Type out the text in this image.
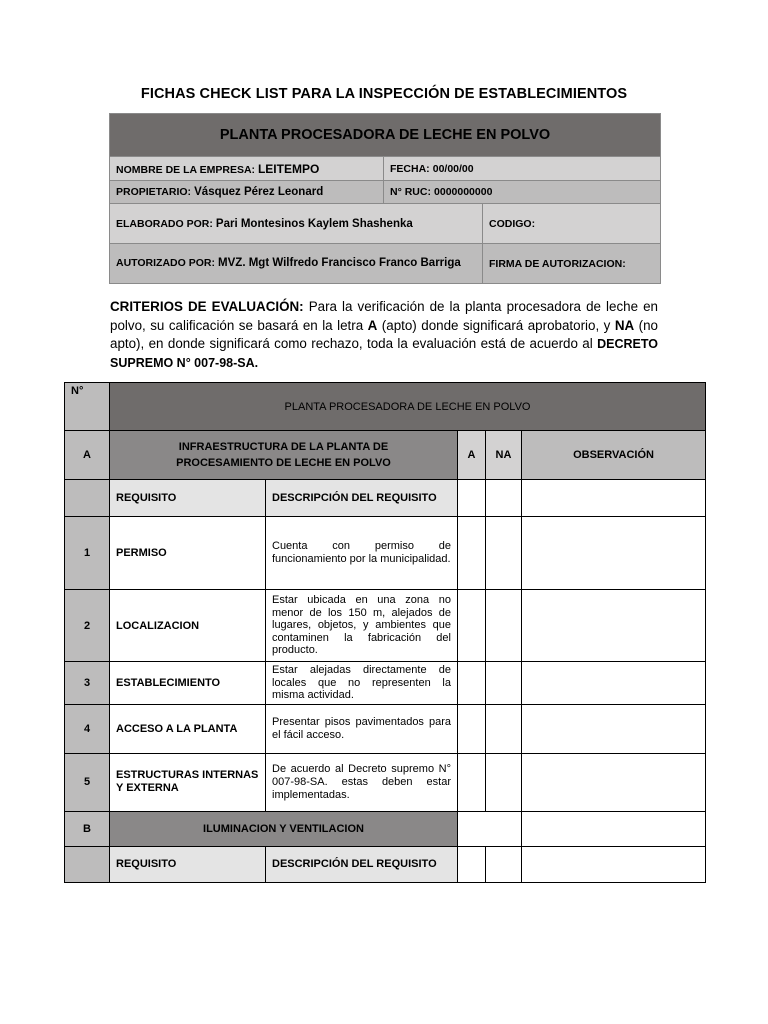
FICHAS CHECK LIST PARA LA INSPECCIÓN DE ESTABLECIMIENTOS
PLANTA PROCESADORA DE LECHE EN POLVO		
NOMBRE DE LA EMPRESA: LEITEMPO	FECHA: 00/00/00	
PROPIETARIO: Vásquez Pérez Leonard	N° RUC: 0000000000	
ELABORADO POR: Pari Montesinos Kaylem Shashenka		CODIGO:
AUTORIZADO POR: MVZ. Mgt Wilfredo Francisco Franco Barriga		FIRMA DE AUTORIZACION:

CRITERIOS DE EVALUACIÓN: Para la verificación de la planta procesadora de leche en polvo, su calificación se basará en la letra A (apto) donde significará aprobatorio, y NA (no apto), en donde significará como rechazo, toda la evaluación está de acuerdo al DECRETO SUPREMO N° 007-98-SA.

N°	PLANTA PROCESADORA DE LECHE EN POLVO				
A	INFRAESTRUCTURA DE LA PLANTA DE PROCESAMIENTO DE LECHE EN POLVO		A	NA	OBSERVACIÓN
	REQUISITO	DESCRIPCIÓN DEL REQUISITO			
1	PERMISO	Cuenta con permiso de funcionamiento por la municipalidad.			
2	LOCALIZACION	Estar ubicada en una zona no menor de los 150 m, alejados de lugares, objetos, y ambientes que contaminen la fabricación del producto.			
3	ESTABLECIMIENTO	Estar alejadas directamente de locales que no representen la misma actividad.			
4	ACCESO A LA PLANTA	Presentar pisos pavimentados para el fácil acceso.			
5	ESTRUCTURAS INTERNAS Y EXTERNA	De acuerdo al Decreto supremo N° 007-98-SA. estas deben estar implementadas.			
B	ILUMINACION Y VENTILACION				
	REQUISITO	DESCRIPCIÓN DEL REQUISITO			
